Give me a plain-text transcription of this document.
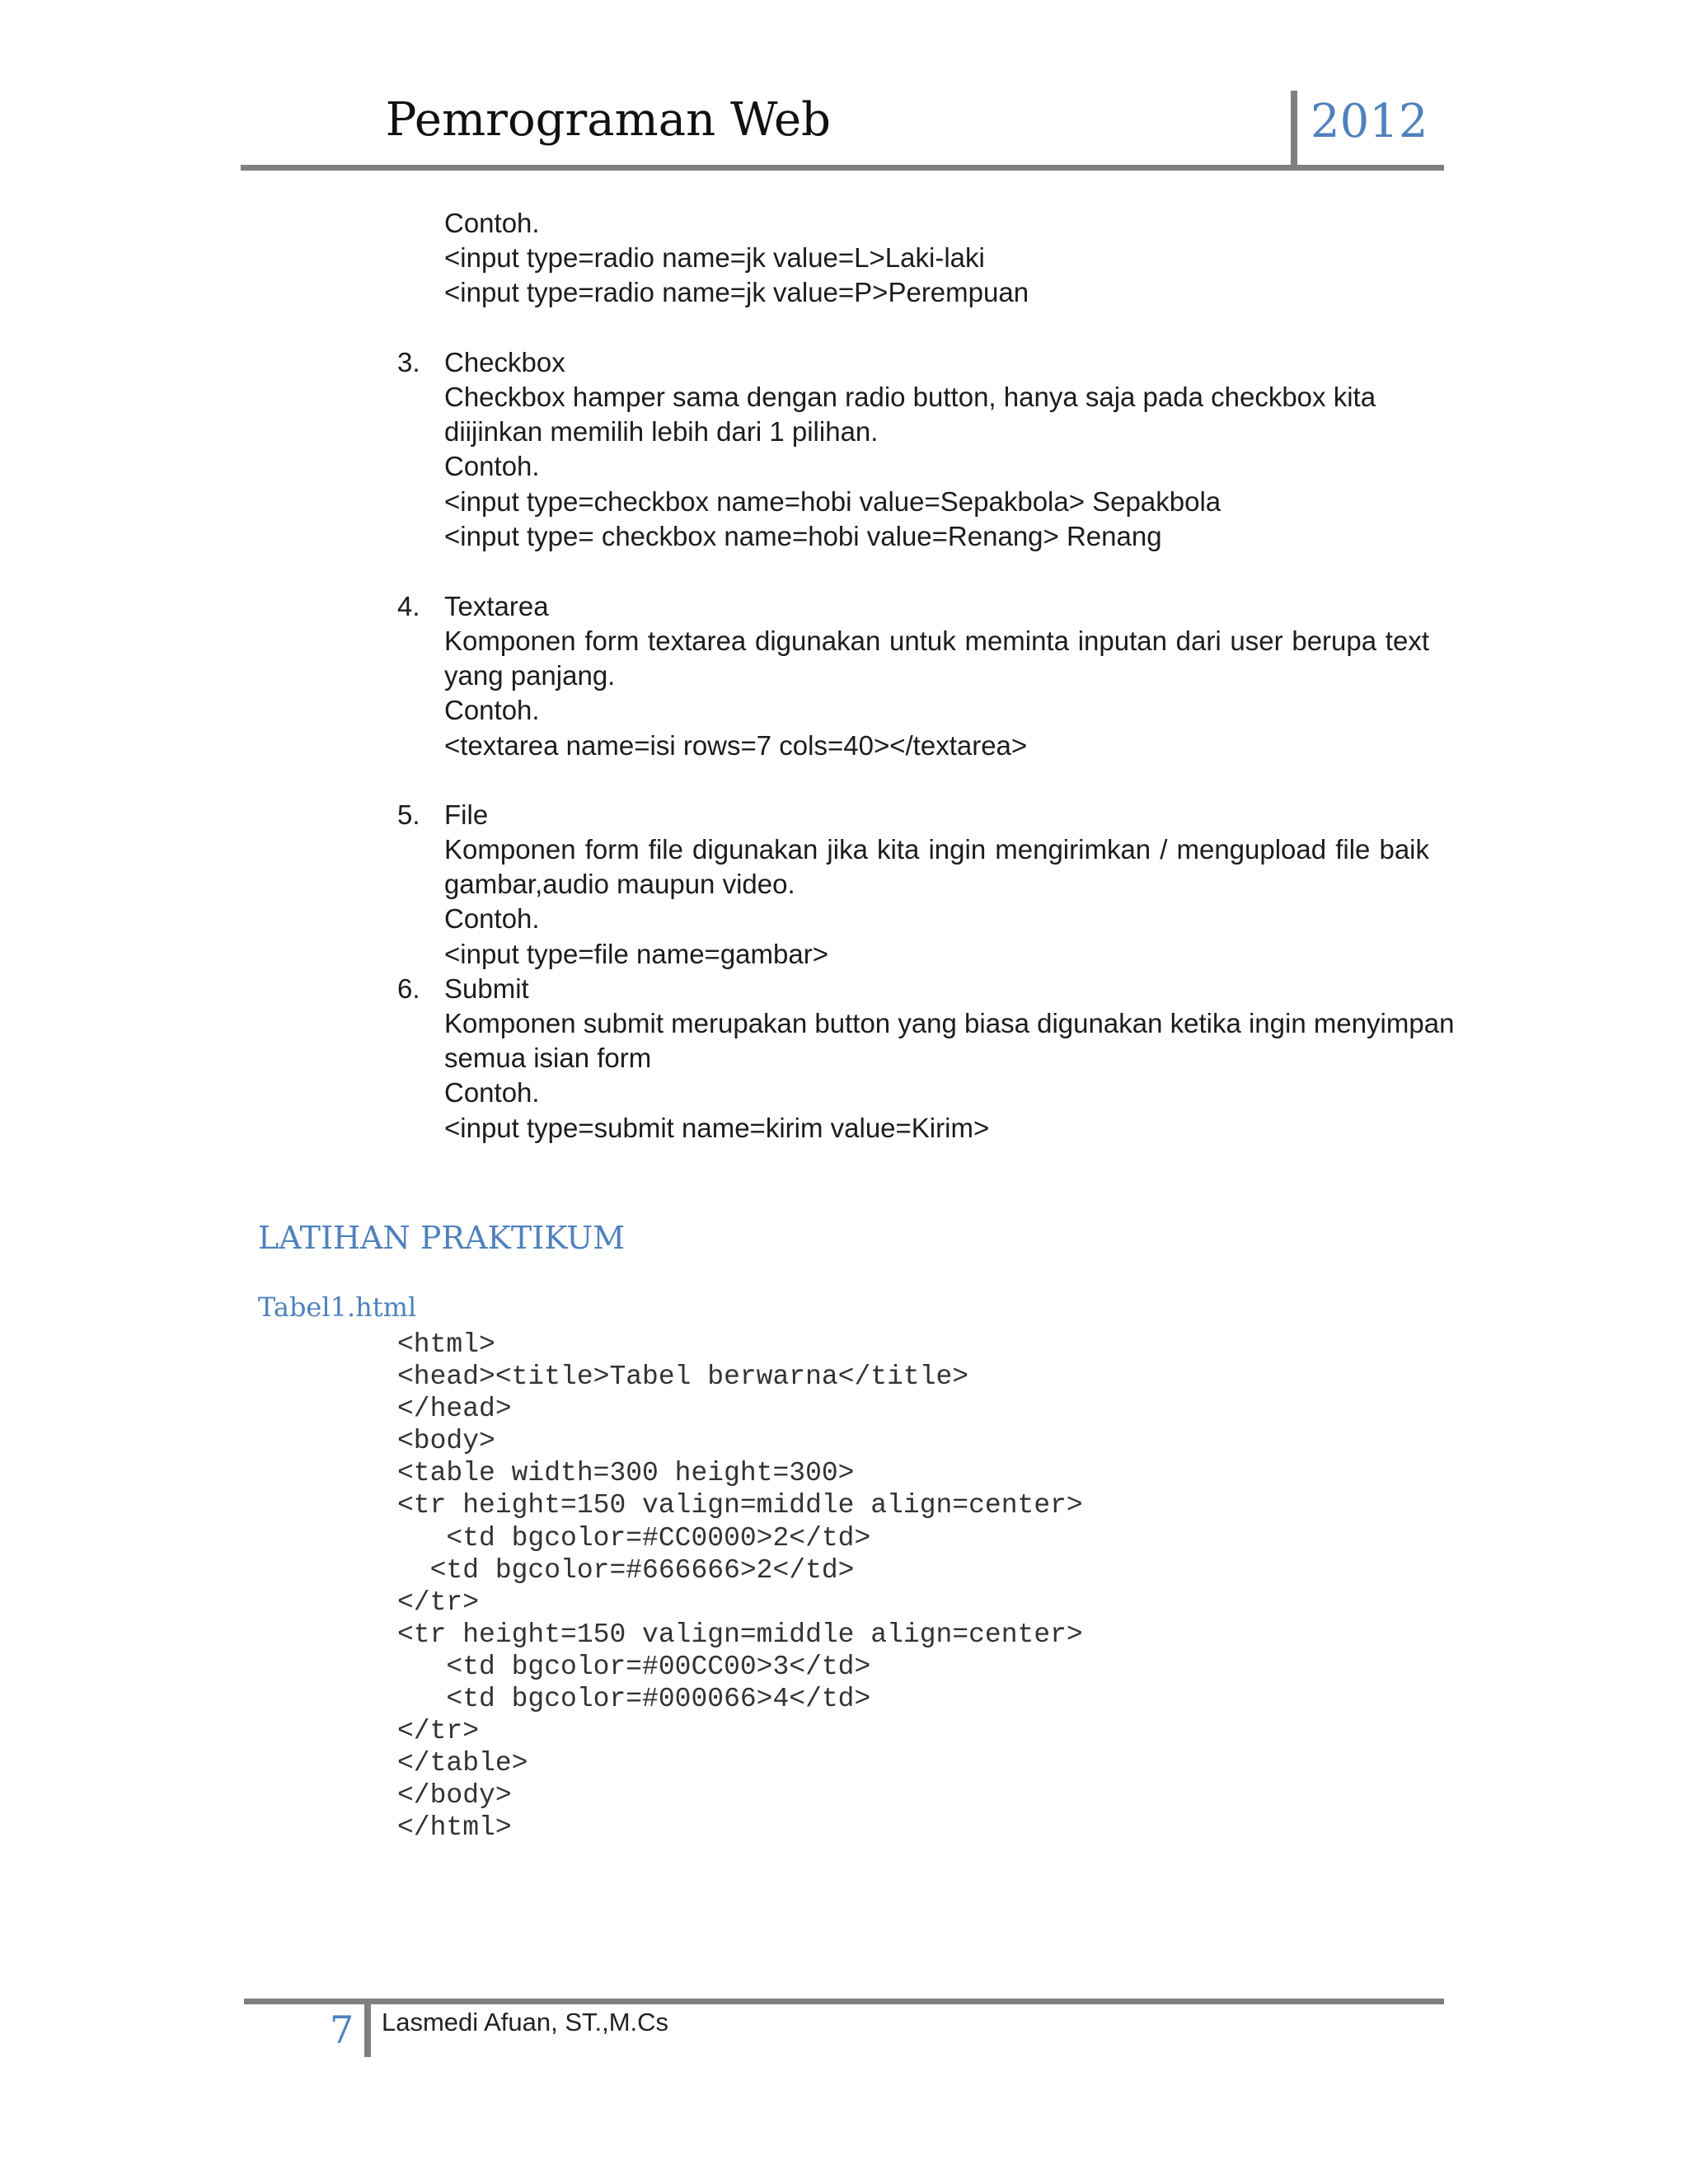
Pemrograman Web	2012
Contoh.
<input type=radio name=jk value=L>Laki-laki
<input type=radio name=jk value=P>Perempuan
3. Checkbox
Checkbox hamper sama dengan radio button, hanya saja pada checkbox kita
diijinkan memilih lebih dari 1 pilihan.
Contoh.
<input type=checkbox name=hobi value=Sepakbola> Sepakbola
<input type= checkbox name=hobi value=Renang> Renang
4. Textarea
Komponen form textarea digunakan untuk meminta inputan dari user berupa text
yang panjang.
Contoh.
<textarea name=isi rows=7 cols=40></textarea>
5. File
Komponen form file digunakan jika kita ingin mengirimkan / mengupload file baik
gambar,audio maupun video.
Contoh.
<input type=file name=gambar>
6. Submit
Komponen submit merupakan button yang biasa digunakan ketika ingin menyimpan
semua isian form
Contoh.
<input type=submit name=kirim value=Kirim>
LATIHAN PRAKTIKUM
Tabel1.html
<html>
<head><title>Tabel berwarna</title>
</head>
<body>
<table width=300 height=300>
<tr height=150 valign=middle align=center>
<td bgcolor=#CC0000>2</td>
<td bgcolor=#666666>2</td>
</tr>
<tr height=150 valign=middle align=center>
<td bgcolor=#00CC00>3</td>
<td bgcolor=#000066>4</td>
</tr>
</table>
</body>
</html>
7 Lasmedi Afuan, ST.,M.Cs
